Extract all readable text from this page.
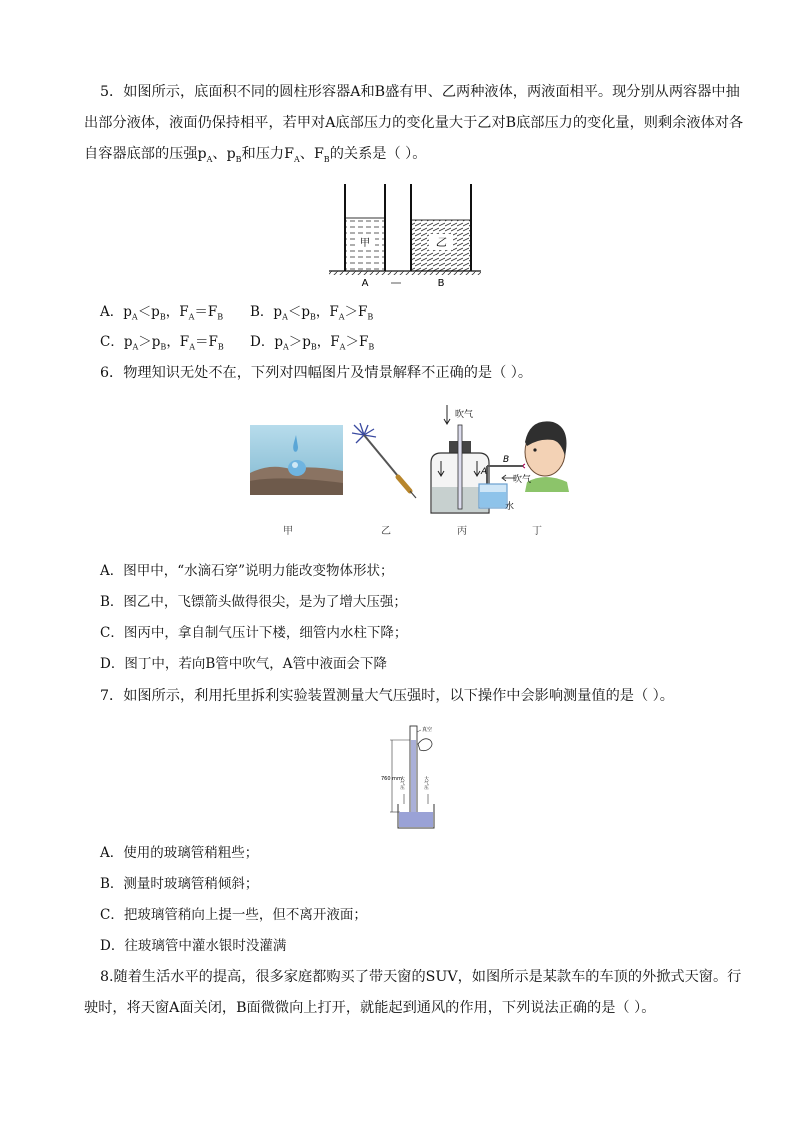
5．如图所示，底面积不同的圆柱形容器A和B盛有甲、乙两种液体，两液面相平。现分别从两容器中抽
出部分液体，液面仍保持相平，若甲对A底部压力的变化量大于乙对B底部压力的变化量，则剩余液体对各
自容器底部的压强$p_A$、$p_B$和压力$F_A$、$F_B$的关系是（ ）。
甲	乙
A	B
A．$p_A<p_B$，$F_A=F_B$ B．$p_A<p_B$，$F_A>F_B$
C．$p_A>p_B$，$F_A=F_B$ D．$p_A>p_B$，$F_A>F_B$
6．物理知识无处不在，下列对四幅图片及情景解释不正确的是（ ）。
甲	乙
吹气
丙
A
B
吹气
水
丁
A．图甲中，“水滴石穿”说明力能改变物体形状；
B．图乙中，飞镖箭头做得很尖，是为了增大压强；
C．图丙中，拿自制气压计下楼，细管内水柱下降；
D．图丁中，若向B管中吹气，A管中液面会下降
7．如图所示，利用托里拆利实验装置测量大气压强时，以下操作中会影响测量值的是（ ）。
真空
760 mm
大气压	大气压
A．使用的玻璃管稍粗些；
B．测量时玻璃管稍倾斜；
C．把玻璃管稍向上提一些，但不离开液面；
D．往玻璃管中灌水银时没灌满
8.随着生活水平的提高，很多家庭都购买了带天窗的SUV，如图所示是某款车的车顶的外掀式天窗。行
驶时，将天窗A面关闭，B面微微向上打开，就能起到通风的作用，下列说法正确的是（ ）。
